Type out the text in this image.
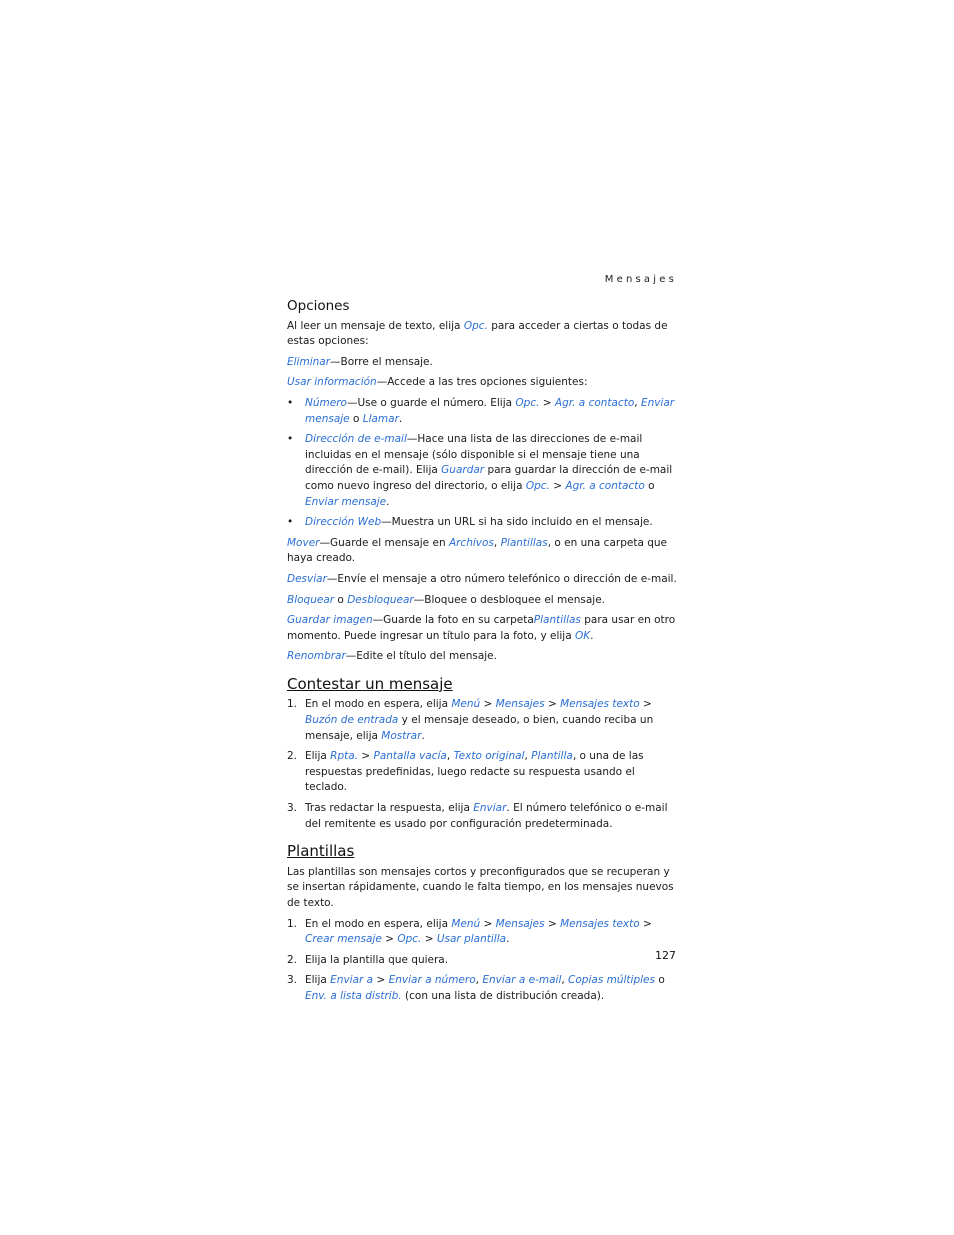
Mensajes
Opciones

Al leer un mensaje de texto, elija Opc. para acceder a ciertas o todas de estas opciones:

Eliminar—Borre el mensaje.

Usar información—Accede a las tres opciones siguientes:

• Número—Use o guarde el número. Elija Opc. > Agr. a contacto, Enviar mensaje o Llamar.
• Dirección de e-mail—Hace una lista de las direcciones de e-mail incluidas en el mensaje (sólo disponible si el mensaje tiene una dirección de e-mail). Elija Guardar para guardar la dirección de e-mail como nuevo ingreso del directorio, o elija Opc. > Agr. a contacto o Enviar mensaje.
• Dirección Web—Muestra un URL si ha sido incluido en el mensaje.

Mover—Guarde el mensaje en Archivos, Plantillas, o en una carpeta que haya creado.

Desviar—Envíe el mensaje a otro número telefónico o dirección de e-mail.

Bloquear o Desbloquear—Bloquee o desbloquee el mensaje.

Guardar imagen—Guarde la foto en su carpetaPlantillas para usar en otro momento. Puede ingresar un título para la foto, y elija OK.

Renombrar—Edite el título del mensaje.

Contestar un mensaje
1. En el modo en espera, elija Menú > Mensajes > Mensajes texto > Buzón de entrada y el mensaje deseado, o bien, cuando reciba un mensaje, elija Mostrar.
2. Elija Rpta. > Pantalla vacía, Texto original, Plantilla, o una de las respuestas predefinidas, luego redacte su respuesta usando el teclado.
3. Tras redactar la respuesta, elija Enviar. El número telefónico o e-mail del remitente es usado por configuración predeterminada.
Plantillas

Las plantillas son mensajes cortos y preconfigurados que se recuperan y se insertan rápidamente, cuando le falta tiempo, en los mensajes nuevos de texto.

1. En el modo en espera, elija Menú > Mensajes > Mensajes texto > Crear mensaje > Opc. > Usar plantilla.
2. Elija la plantilla que quiera.
3. Elija Enviar a > Enviar a número, Enviar a e-mail, Copias múltiples o Env. a lista distrib. (con una lista de distribución creada).
127
